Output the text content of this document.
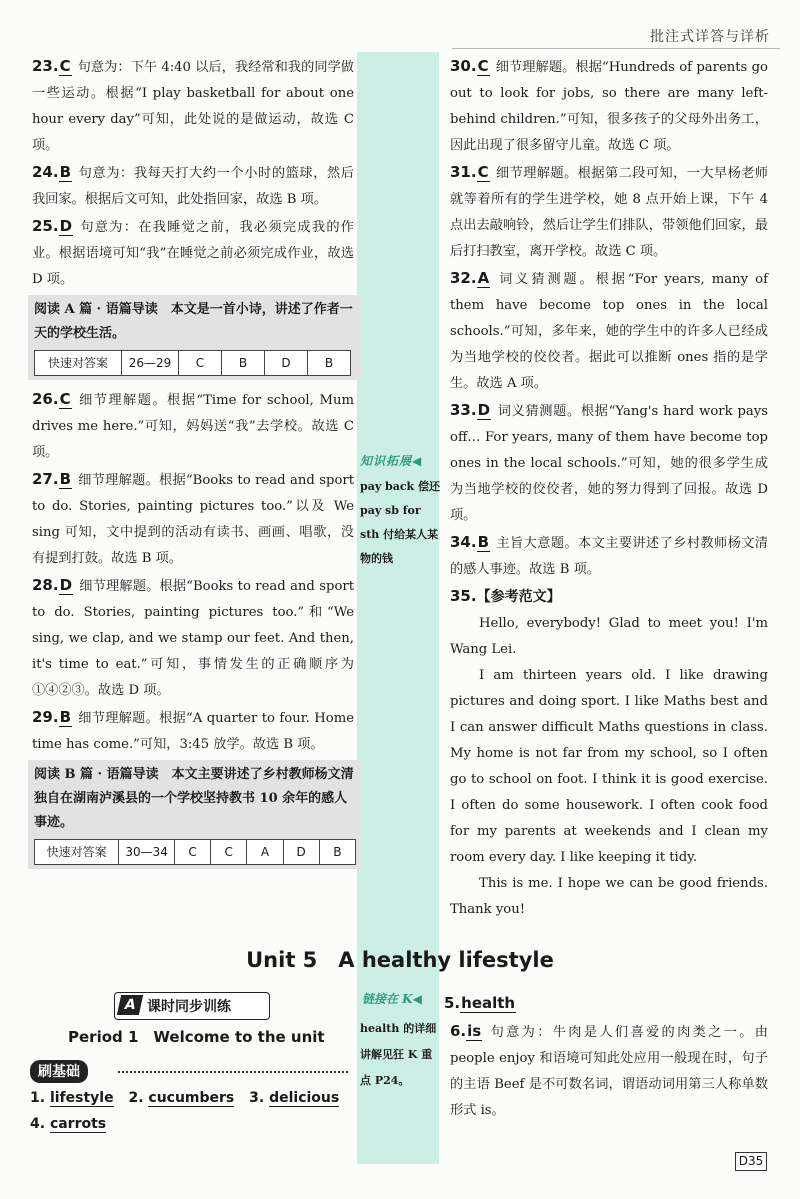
批注式详答与详析

23.C 句意为：下午 4:40 以后，我经常和我的同学做一些运动。根据“I play basketball for about one hour every day”可知，此处说的是做运动，故选 C 项。

24.B 句意为：我每天打大约一个小时的篮球，然后我回家。根据后文可知，此处指回家，故选 B 项。

25.D 句意为：在我睡觉之前，我必须完成我的作业。根据语境可知“我”在睡觉之前必须完成作业，故选 D 项。

阅读 A 篇 · 语篇导读　本文是一首小诗，讲述了作者一天的学校生活。
快速对答案	26—29	C	B	D	B

26.C 细节理解题。根据“Time for school, Mum drives me here.”可知，妈妈送“我”去学校。故选 C 项。

27.B 细节理解题。根据“Books to read and sport to do. Stories, painting pictures too.”以及 We sing 可知，文中提到的活动有读书、画画、唱歌，没有提到打鼓。故选 B 项。

28.D 细节理解题。根据“Books to read and sport to do. Stories, painting pictures too.”和“We sing, we clap, and we stamp our feet. And then, it's time to eat.”可知，事情发生的正确顺序为①④②③。故选 D 项。

29.B 细节理解题。根据“A quarter to four. Home time has come.”可知，3:45 放学。故选 B 项。

阅读 B 篇 · 语篇导读　本文主要讲述了乡村教师杨文清独自在湖南泸溪县的一个学校坚持教书 10 余年的感人事迹。
快速对答案	30—34	C	C	A	D	B
知识拓展◀
pay back 偿还 pay sb for sth 付给某人某物的钱

30.C 细节理解题。根据“Hundreds of parents go out to look for jobs, so there are many left-behind children.”可知，很多孩子的父母外出务工，因此出现了很多留守儿童。故选 C 项。

31.C 细节理解题。根据第二段可知，一大早杨老师就等着所有的学生进学校，她 8 点开始上课，下午 4 点出去敲响铃，然后让学生们排队，带领他们回家，最后打扫教室，离开学校。故选 C 项。

32.A 词义猜测题。根据“For years, many of them have become top ones in the local schools.”可知，多年来，她的学生中的许多人已经成为当地学校的佼佼者。据此可以推断 ones 指的是学生。故选 A 项。

33.D 词义猜测题。根据“Yang's hard work pays off… For years, many of them have become top ones in the local schools.”可知，她的很多学生成为当地学校的佼佼者，她的努力得到了回报。故选 D 项。

34.B 主旨大意题。本文主要讲述了乡村教师杨文清的感人事迹。故选 B 项。

35.【参考范文】

Hello, everybody! Glad to meet you! I'm Wang Lei.

I am thirteen years old. I like drawing pictures and doing sport. I like Maths best and I can answer difficult Maths questions in class. My home is not far from my school, so I often go to school on foot. I think it is good exercise. I often do some housework. I often cook food for my parents at weekends and I clean my room every day. I like keeping it tidy.

This is me. I hope we can be good friends. Thank you!

Unit 5　A healthy lifestyle
A 课时同步训练
Period 1　Welcome to the unit
刷基础
1. lifestyle 2. cucumbers 3. delicious
4. carrots
链接在 K◀
health 的详细讲解见狂 K 重点 P24。

5.health

6.is 句意为：牛肉是人们喜爱的肉类之一。由 people enjoy 和语境可知此处应用一般现在时，句子的主语 Beef 是不可数名词，谓语动词用第三人称单数形式 is。

D35
